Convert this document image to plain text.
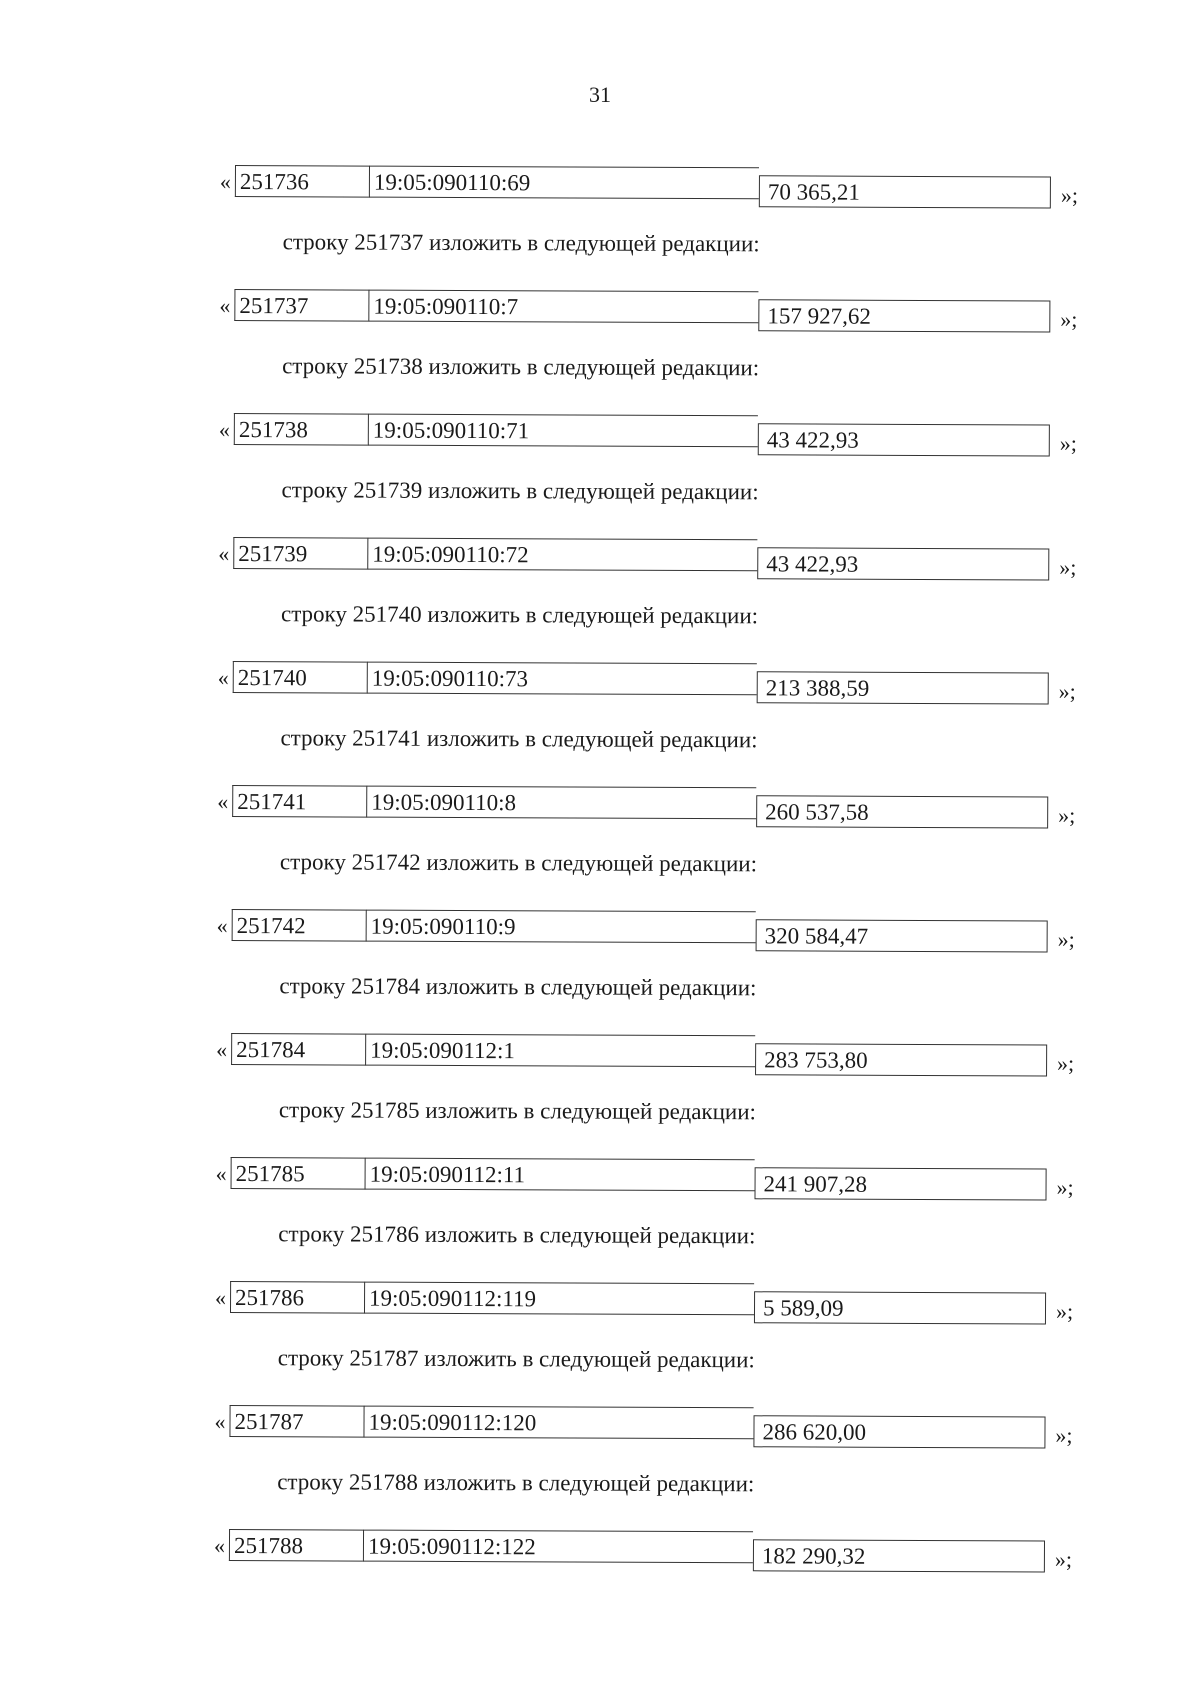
31
« 251736	19:05:090110:69	70 365,21	»;
строку 251737 изложить в следующей редакции:
« 251737	19:05:090110:7	157 927,62	»;
строку 251738 изложить в следующей редакции:
« 251738	19:05:090110:71	43 422,93	»;
строку 251739 изложить в следующей редакции:
« 251739	19:05:090110:72	43 422,93	»;
строку 251740 изложить в следующей редакции:
« 251740	19:05:090110:73	213 388,59	»;
строку 251741 изложить в следующей редакции:
« 251741	19:05:090110:8	260 537,58	»;
строку 251742 изложить в следующей редакции:
« 251742	19:05:090110:9	320 584,47	»;
строку 251784 изложить в следующей редакции:
« 251784	19:05:090112:1	283 753,80	»;
строку 251785 изложить в следующей редакции:
« 251785	19:05:090112:11	241 907,28	»;
строку 251786 изложить в следующей редакции:
« 251786	19:05:090112:119	5 589,09	»;
строку 251787 изложить в следующей редакции:
« 251787	19:05:090112:120	286 620,00	»;
строку 251788 изложить в следующей редакции:
« 251788	19:05:090112:122	182 290,32	»;
